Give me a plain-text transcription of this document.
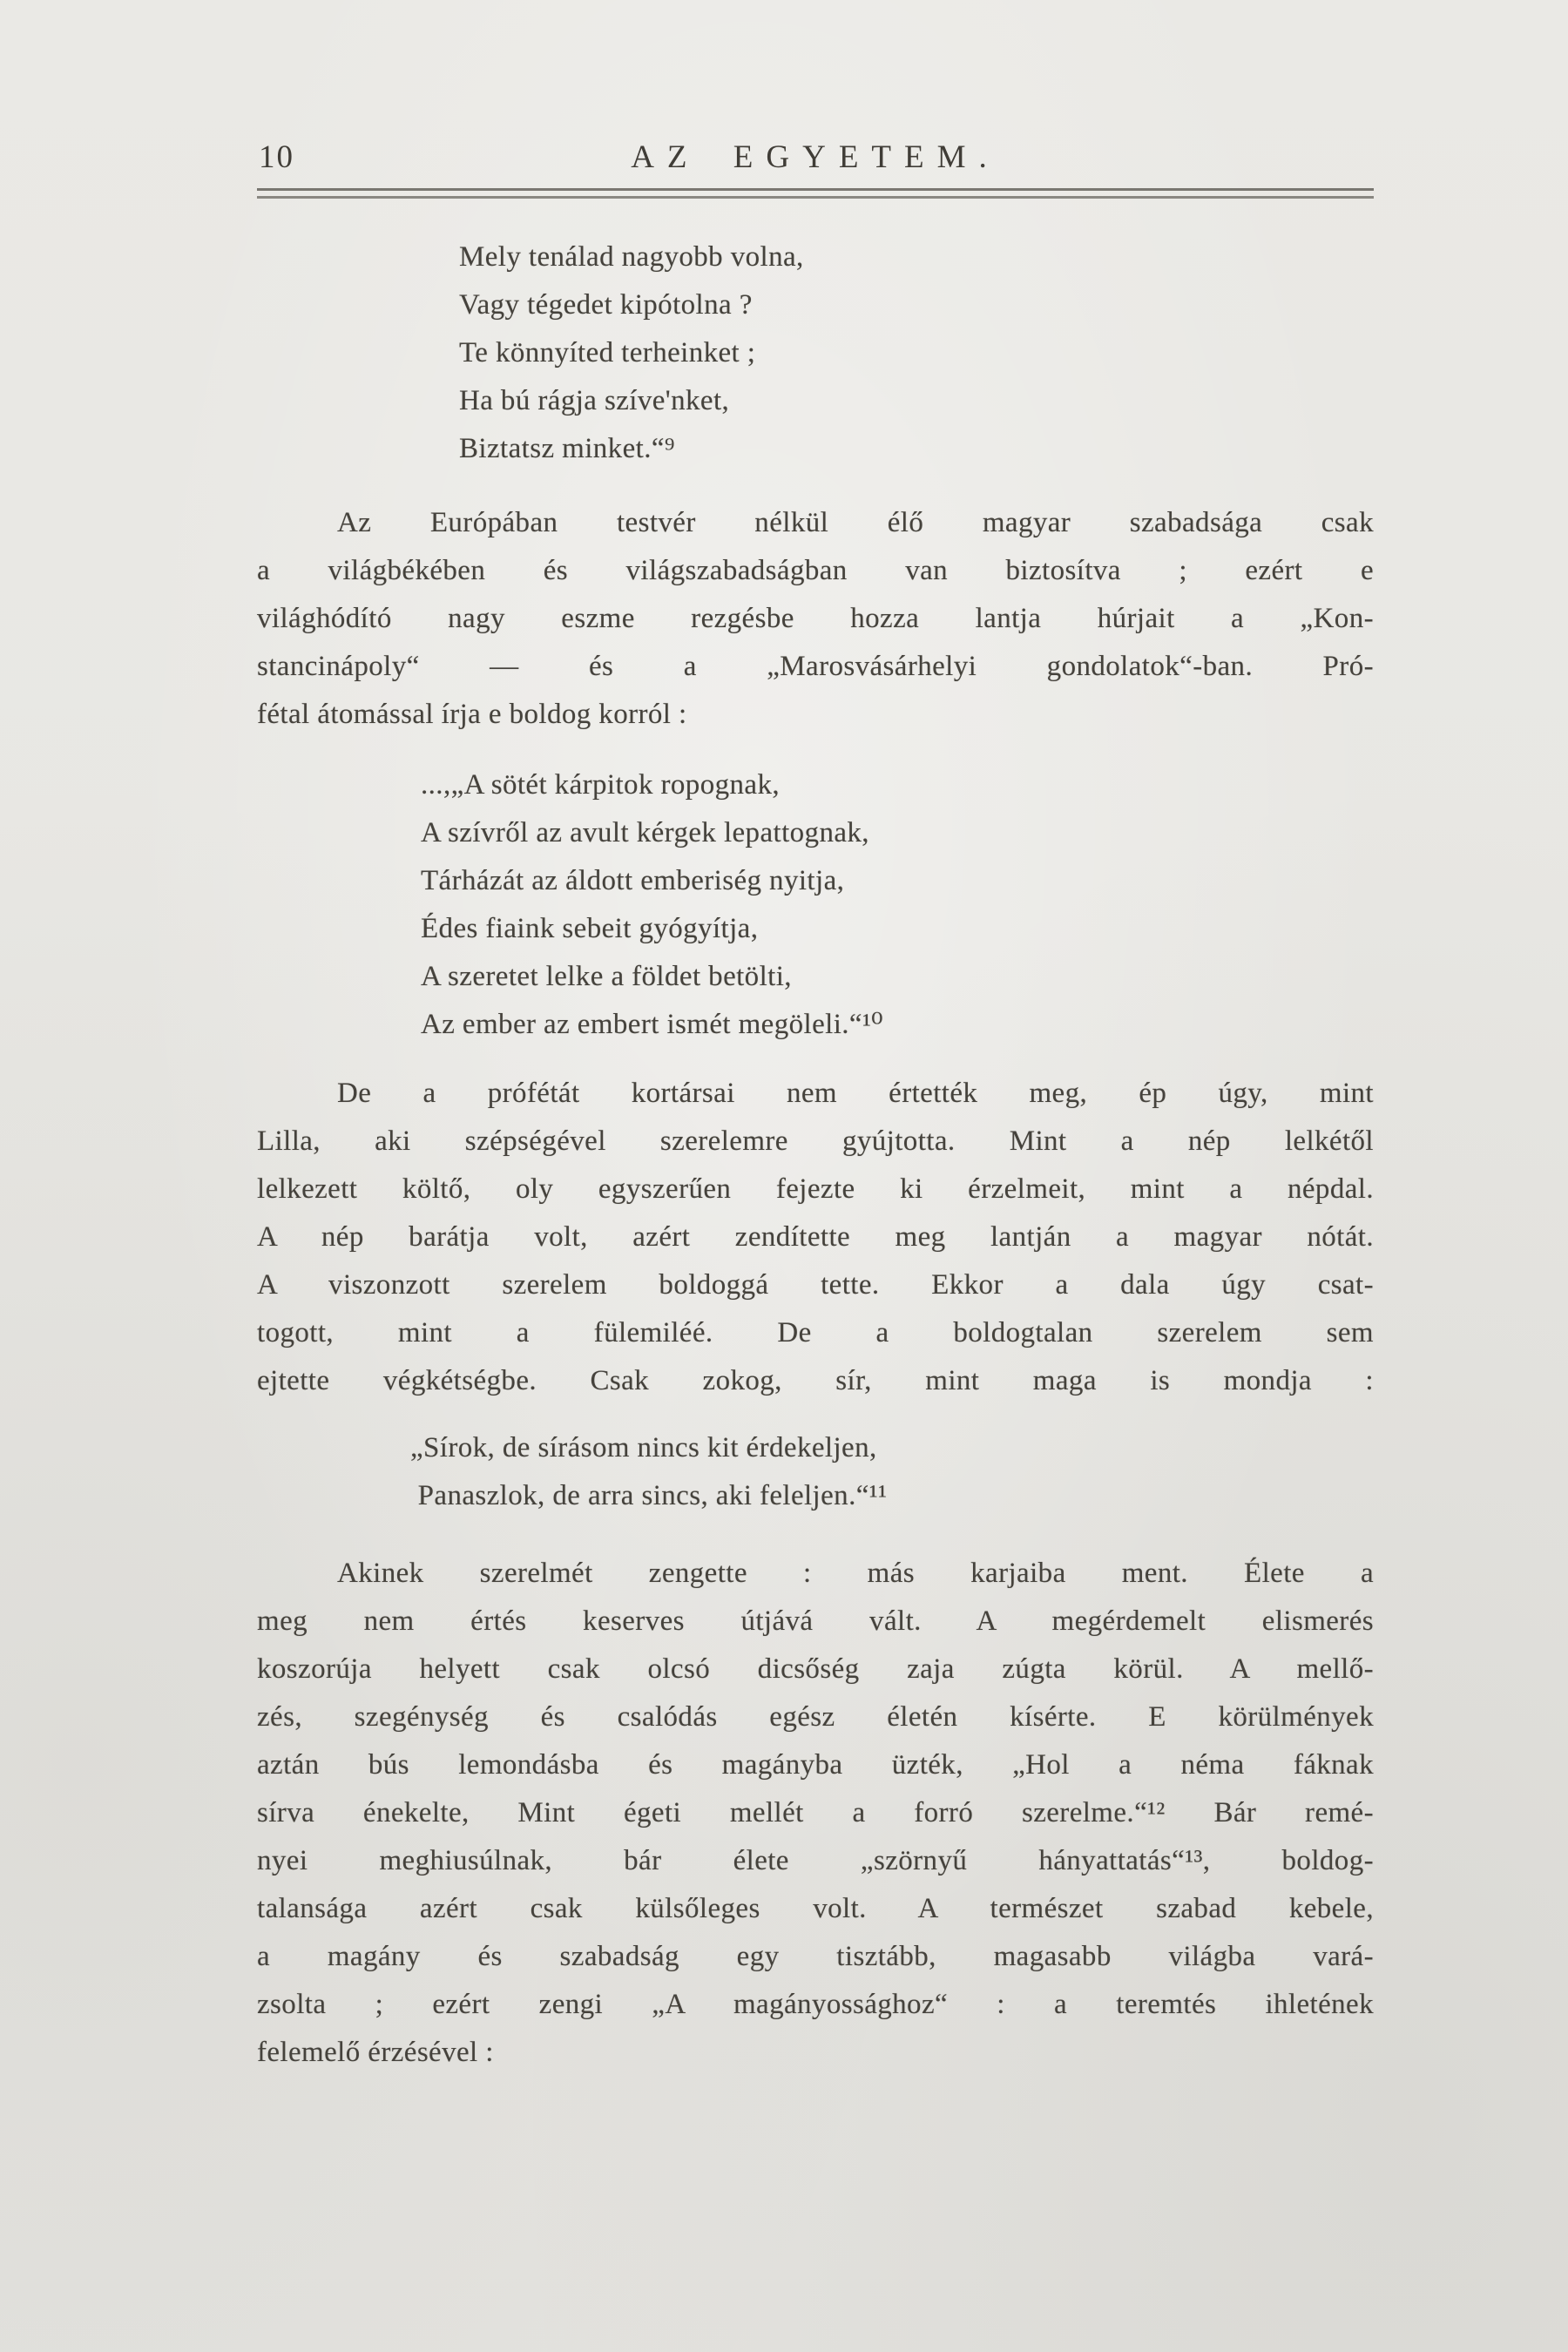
10	AZ EGYETEM.
Mely tenálad nagyobb volna,
Vagy tégedet kipótolna ?
Te könnyíted terheinket ;
Ha bú rágja szíve'nket,
Biztatsz minket.“⁹
Az Európában testvér nélkül élő magyar szabadsága csak
a világbékében és világszabadságban van biztosítva ; ezért e
világhódító nagy eszme rezgésbe hozza lantja húrjait a „Kon-
stancinápoly“ — és a „Marosvásárhelyi gondolatok“-ban. Pró-
fétal átomással írja e boldog korról :
...,„A sötét kárpitok ropognak,
A szívről az avult kérgek lepattognak,
Tárházát az áldott emberiség nyitja,
Édes fiaink sebeit gyógyítja,
A szeretet lelke a földet betölti,
Az ember az embert ismét megöleli.“¹⁰
De a prófétát kortársai nem értették meg, ép úgy, mint
Lilla, aki szépségével szerelemre gyújtotta. Mint a nép lelkétől
lelkezett költő, oly egyszerűen fejezte ki érzelmeit, mint a népdal.
A nép barátja volt, azért zendítette meg lantján a magyar nótát.
A viszonzott szerelem boldoggá tette. Ekkor a dala úgy csat-
togott, mint a fülemiléé. De a boldogtalan szerelem sem
ejtette végkétségbe. Csak zokog, sír, mint maga is mondja :
„Sírok, de sírásom nincs kit érdekeljen,
Panaszlok, de arra sincs, aki feleljen.“¹¹
Akinek szerelmét zengette : más karjaiba ment. Élete a
meg nem értés keserves útjává vált. A megérdemelt elismerés
koszorúja helyett csak olcsó dicsőség zaja zúgta körül. A mellő-
zés, szegénység és csalódás egész életén kísérte. E körülmények
aztán bús lemondásba és magányba üzték, „Hol a néma fáknak
sírva énekelte, Mint égeti mellét a forró szerelme.“¹² Bár remé-
nyei meghiusúlnak, bár élete „szörnyű hányattatás“¹³, boldog-
talansága azért csak külsőleges volt. A természet szabad kebele,
a magány és szabadság egy tisztább, magasabb világba vará-
zsolta ; ezért zengi „A magányossághoz“ : a teremtés ihletének
felemelő érzésével :
